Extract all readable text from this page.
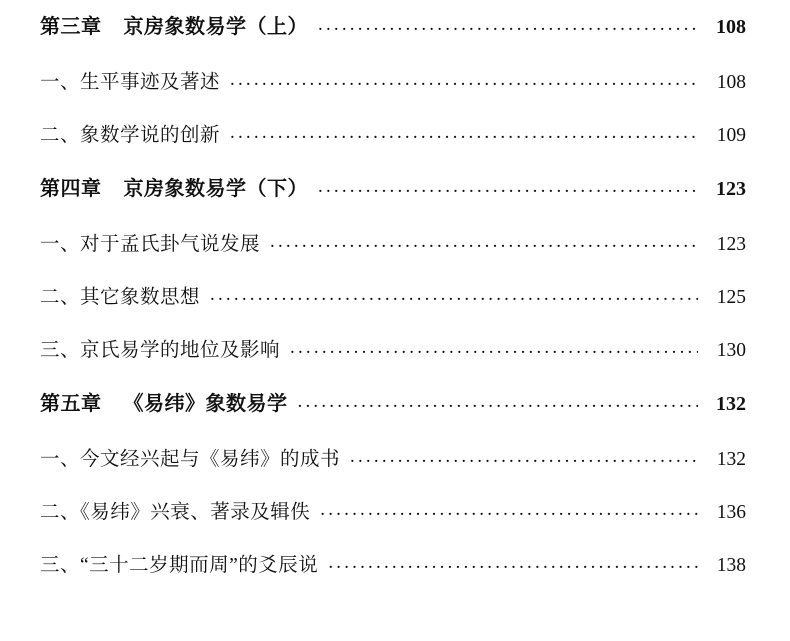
第三章 京房象数易学（上） .....	108
一、生平事迹及著述 .....	108
二、象数学说的创新 .....	109
第四章 京房象数易学（下） .....	123
一、对于孟氏卦气说发展 .....	123
二、其它象数思想 .....	125
三、京氏易学的地位及影响 .....	130
第五章 《易纬》象数易学 .....	132
一、今文经兴起与《易纬》的成书 .....	132
二、《易纬》兴衰、著录及辑佚 .....	136
三、“三十二岁期而周”的爻辰说 .....	138
